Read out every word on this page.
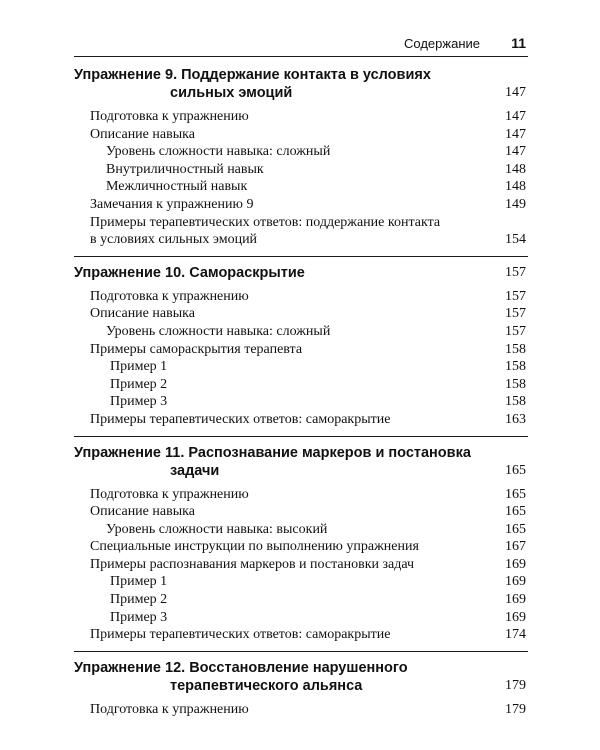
Содержание 11
Упражнение 9. Поддержание контакта в условиях
сильных эмоций	147
Подготовка к упражнению	147
Описание навыка	147
Уровень сложности навыка: сложный	147
Внутриличностный навык	148
Межличностный навык	148
Замечания к упражнению 9	149
Примеры терапевтических ответов: поддержание контакта
в условиях сильных эмоций	154
Упражнение 10. Самораскрытие	157
Подготовка к упражнению	157
Описание навыка	157
Уровень сложности навыка: сложный	157
Примеры самораскрытия терапевта	158
Пример 1	158
Пример 2	158
Пример 3	158
Примеры терапевтических ответов: саморакрытие	163
Упражнение 11. Распознавание маркеров и постановка
задачи	165
Подготовка к упражнению	165
Описание навыка	165
Уровень сложности навыка: высокий	165
Специальные инструкции по выполнению упражнения	167
Примеры распознавания маркеров и постановки задач	169
Пример 1	169
Пример 2	169
Пример 3	169
Примеры терапевтических ответов: саморакрытие	174
Упражнение 12. Восстановление нарушенного
терапевтического альянса	179
Подготовка к упражнению	179
